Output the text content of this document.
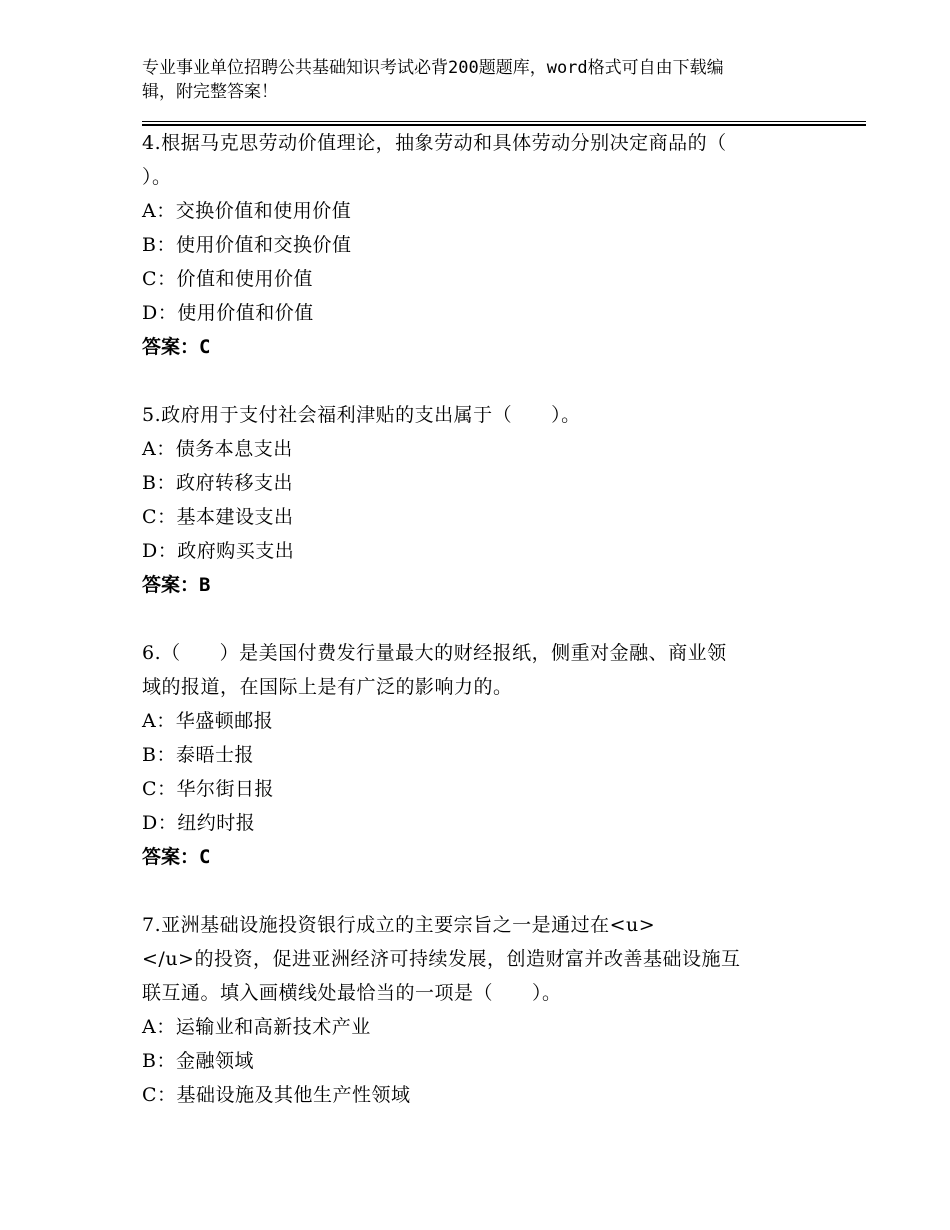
专业事业单位招聘公共基础知识考试必背200题题库，word格式可自由下载编
辑，附完整答案！
4.根据马克思劳动价值理论，抽象劳动和具体劳动分别决定商品的（
）。
A：交换价值和使用价值
B：使用价值和交换价值
C：价值和使用价值
D：使用价值和价值
答案：C
5.政府用于支付社会福利津贴的支出属于（　　）。
A：债务本息支出
B：政府转移支出
C：基本建设支出
D：政府购买支出
答案：B
6.（　　）是美国付费发行量最大的财经报纸，侧重对金融、商业领
域的报道，在国际上是有广泛的影响力的。
A：华盛顿邮报
B：泰晤士报
C：华尔街日报
D：纽约时报
答案：C
7.亚洲基础设施投资银行成立的主要宗旨之一是通过在<u>
</u>的投资，促进亚洲经济可持续发展，创造财富并改善基础设施互
联互通。填入画横线处最恰当的一项是（　　）。
A：运输业和高新技术产业
B：金融领域
C：基础设施及其他生产性领域
